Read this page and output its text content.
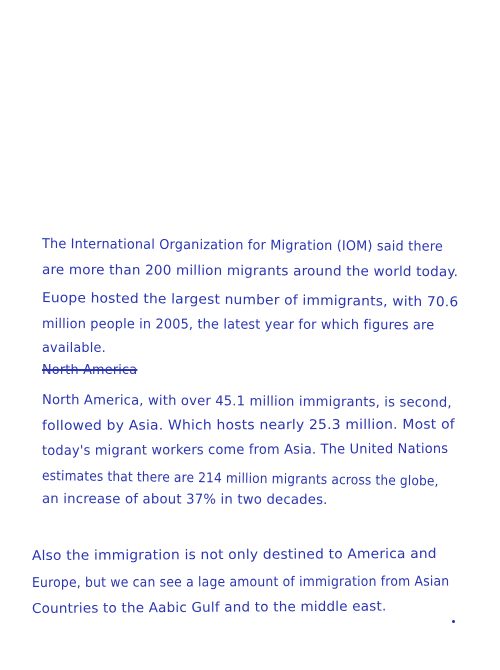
The International Organization for Migration (IOM) said there
are more than 200 million migrants around the world today.
Euope hosted the largest number of immigrants, with 70.6
million people in 2005, the latest year for which figures are
available.
North America
North America, with over 45.1 million immigrants, is second,
followed by Asia. Which hosts nearly 25.3 million. Most of
today's migrant workers come from Asia. The United Nations
estimates that there are 214 million migrants across the globe,
an increase of about 37% in two decades.
Also the immigration is not only destined to America and
Europe, but we can see a lage amount of immigration from Asian
Countries to the Aabic Gulf and to the middle east.
